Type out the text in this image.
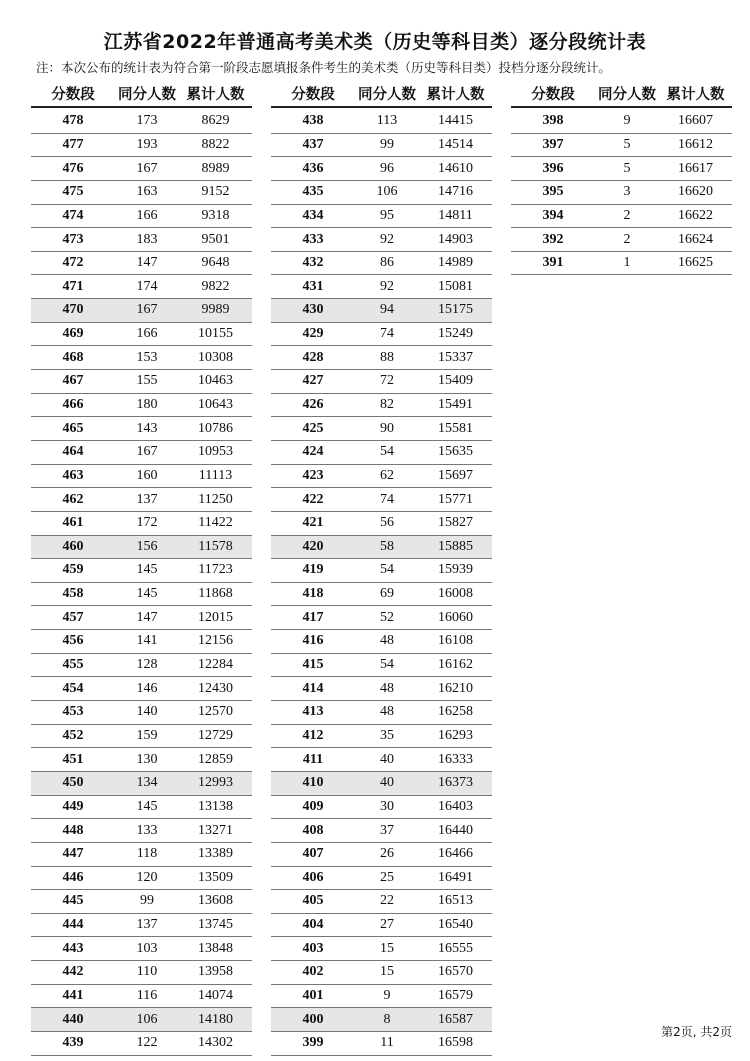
江苏省2022年普通高考美术类（历史等科目类）逐分段统计表
注：本次公布的统计表为符合第一阶段志愿填报条件考生的美术类（历史等科目类）投档分逐分段统计。
分数段	同分人数 累计人数
478	173	8629
477	193	8822
476	167	8989
475	163	9152
474	166	9318
473	183	9501
472	147	9648
471	174	9822
470	167	9989
469	166	10155
468	153	10308
467	155	10463
466	180	10643
465	143	10786
464	167	10953
463	160	11113
462	137	11250
461	172	11422
460	156	11578
459	145	11723
458	145	11868
457	147	12015
456	141	12156
455	128	12284
454	146	12430
453	140	12570
452	159	12729
451	130	12859
450	134	12993
449	145	13138
448	133	13271
447	118	13389
446	120	13509
445	99	13608
444	137	13745
443	103	13848
442	110	13958
441	116	14074
440	106	14180
439	122	14302
分数段	同分人数 累计人数
438	113	14415
437	99	14514
436	96	14610
435	106	14716
434	95	14811
433	92	14903
432	86	14989
431	92	15081
430	94	15175
429	74	15249
428	88	15337
427	72	15409
426	82	15491
425	90	15581
424	54	15635
423	62	15697
422	74	15771
421	56	15827
420	58	15885
419	54	15939
418	69	16008
417	52	16060
416	48	16108
415	54	16162
414	48	16210
413	48	16258
412	35	16293
411	40	16333
410	40	16373
409	30	16403
408	37	16440
407	26	16466
406	25	16491
405	22	16513
404	27	16540
403	15	16555
402	15	16570
401	9	16579
400	8	16587
399	11	16598
分数段	同分人数 累计人数
398	9	16607
397	5	16612
396	5	16617
395	3	16620
394	2	16622
392	2	16624
391	1	16625
第2页, 共2页
